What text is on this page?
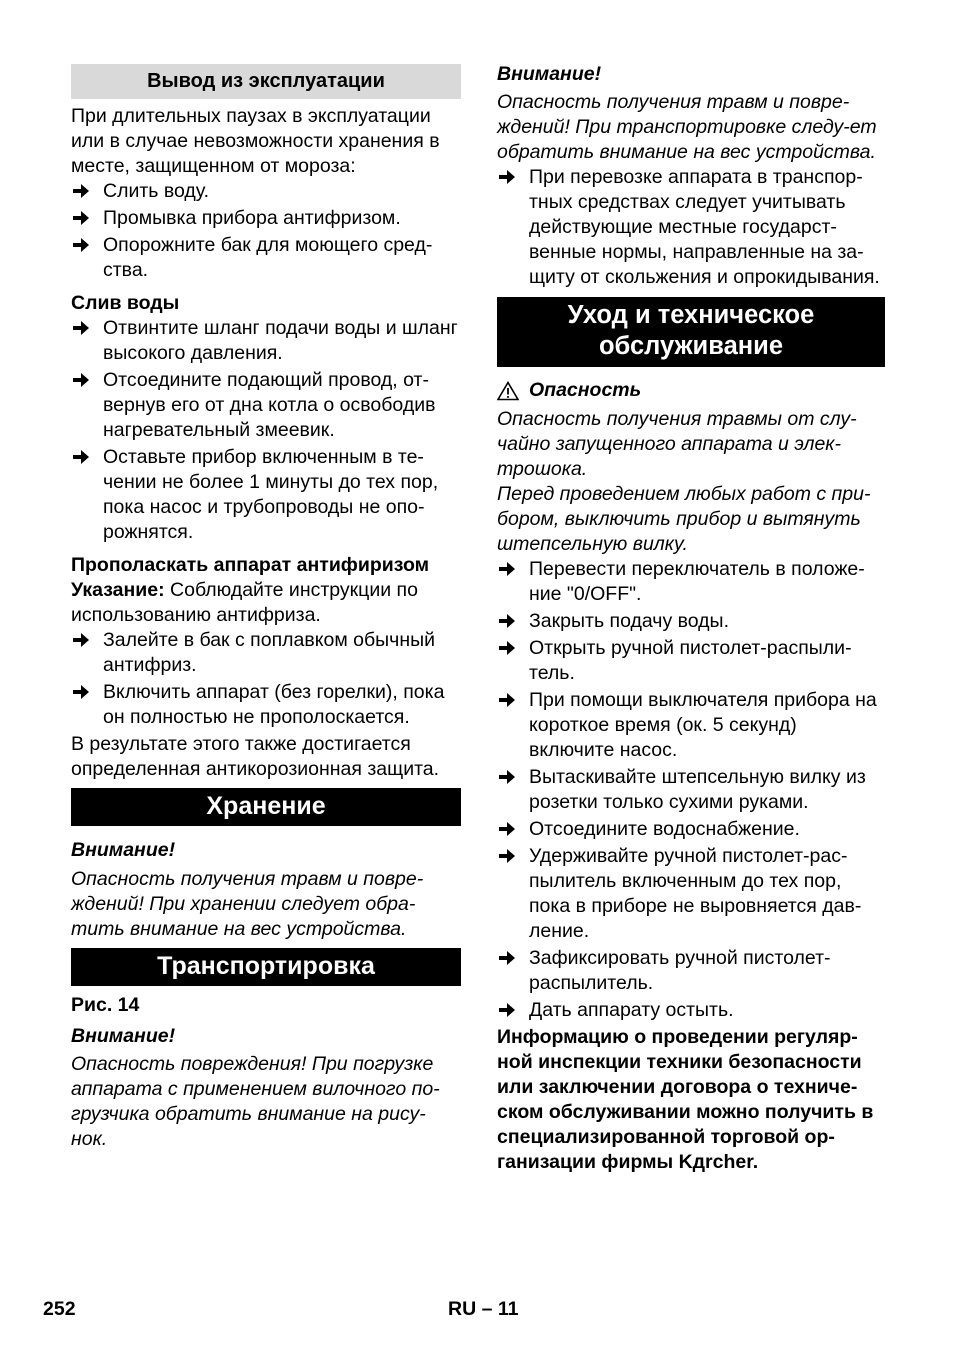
Вывод из эксплуатации

При длительных паузах в эксплуатации или в случае невозможности хранения в месте, защищенном от мороза:

Слить воду.
Промывка прибора антифризом.
Опорожните бак для моющего сред-ства.

Слив воды

Отвинтите шланг подачи воды и шланг высокого давления.
Отсоедините подающий провод, от-вернув его от дна котла о освободив нагревательный змеевик.
Оставьте прибор включенным в те-чении не более 1 минуты до тех пор, пока насос и трубопроводы не опо-рожнятся.

Прополаскать аппарат антифиризом

Указание: Соблюдайте инструкции по использованию антифриза.

Залейте в бак с поплавком обычный антифриз.
Включить аппарат (без горелки), пока он полностью не прополоскается.

В результате этого также достигается определенная антикорозионная защита.

Хранение

Внимание!

Опасность получения травм и повре-ждений! При хранении следует обра-тить внимание на вес устройства.

Транспортировка

Рис. 14

Внимание!

Опасность повреждения! При погрузке аппарата с применением вилочного по-грузчика обратить внимание на рису-нок.

Внимание!

Опасность получения травм и повре-ждений! При транспортировке следу-ет обратить внимание на вес устройства.

При перевозке аппарата в транспор-тных средствах следует учитывать действующие местные государст-венные нормы, направленные на за-щиту от скольжения и опрокидывания.
Уход и техническое
обслуживание
Опасность

Опасность получения травмы от слу-чайно запущенного аппарата и элек-трошока.

Перед проведением любых работ с при-бором, выключить прибор и вытянуть штепсельную вилку.

Перевести переключатель в положе-ние "0/OFF".
Закрыть подачу воды.
Открыть ручной пистолет-распыли-тель.
При помощи выключателя прибора на короткое время (ок. 5 секунд) включите насос.
Вытаскивайте штепсельную вилку из розетки только сухими руками.
Отсоедините водоснабжение.
Удерживайте ручной пистолет-рас-пылитель включенным до тех пор, пока в приборе не выровняется дав-ление.
Зафиксировать ручной пистолет-распылитель.
Дать аппарату остыть.

Информацию о проведении регуляр-ной инспекции техники безопасности или заключении договора о техниче-ском обслуживании можно получить в специализированной торговой ор-ганизации фирмы Kдrcher.

252	RU – 11
